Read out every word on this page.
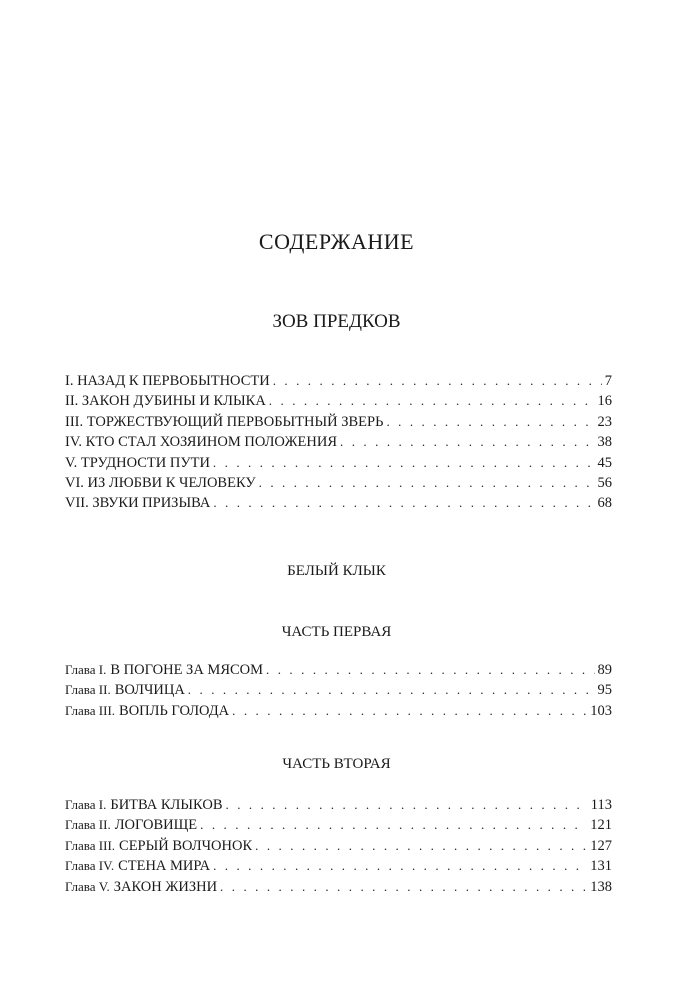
СОДЕРЖАНИЕ
ЗОВ ПРЕДКОВ
I. НАЗАД К ПЕРВОБЫТНОСТИ . . .	7
II. ЗАКОН ДУБИНЫ И КЛЫКА . . .	16
III. ТОРЖЕСТВУЮЩИЙ ПЕРВОБЫТНЫЙ ЗВЕРЬ . . .	23
IV. КТО СТАЛ ХОЗЯИНОМ ПОЛОЖЕНИЯ . . .	38
V. ТРУДНОСТИ ПУТИ . . .	45
VI. ИЗ ЛЮБВИ К ЧЕЛОВЕКУ . . .	56
VII. ЗВУКИ ПРИЗЫВА . . .	68
БЕЛЫЙ КЛЫК
ЧАСТЬ ПЕРВАЯ
Глава I. В ПОГОНЕ ЗА МЯСОМ . . .	89
Глава II. ВОЛЧИЦА . . .	95
Глава III. ВОПЛЬ ГОЛОДА . . .	103
ЧАСТЬ ВТОРАЯ
Глава I. БИТВА КЛЫКОВ . . .	113
Глава II. ЛОГОВИЩЕ . . .	121
Глава III. СЕРЫЙ ВОЛЧОНОК . . .	127
Глава IV. СТЕНА МИРА . . .	131
Глава V. ЗАКОН ЖИЗНИ . . .	138
